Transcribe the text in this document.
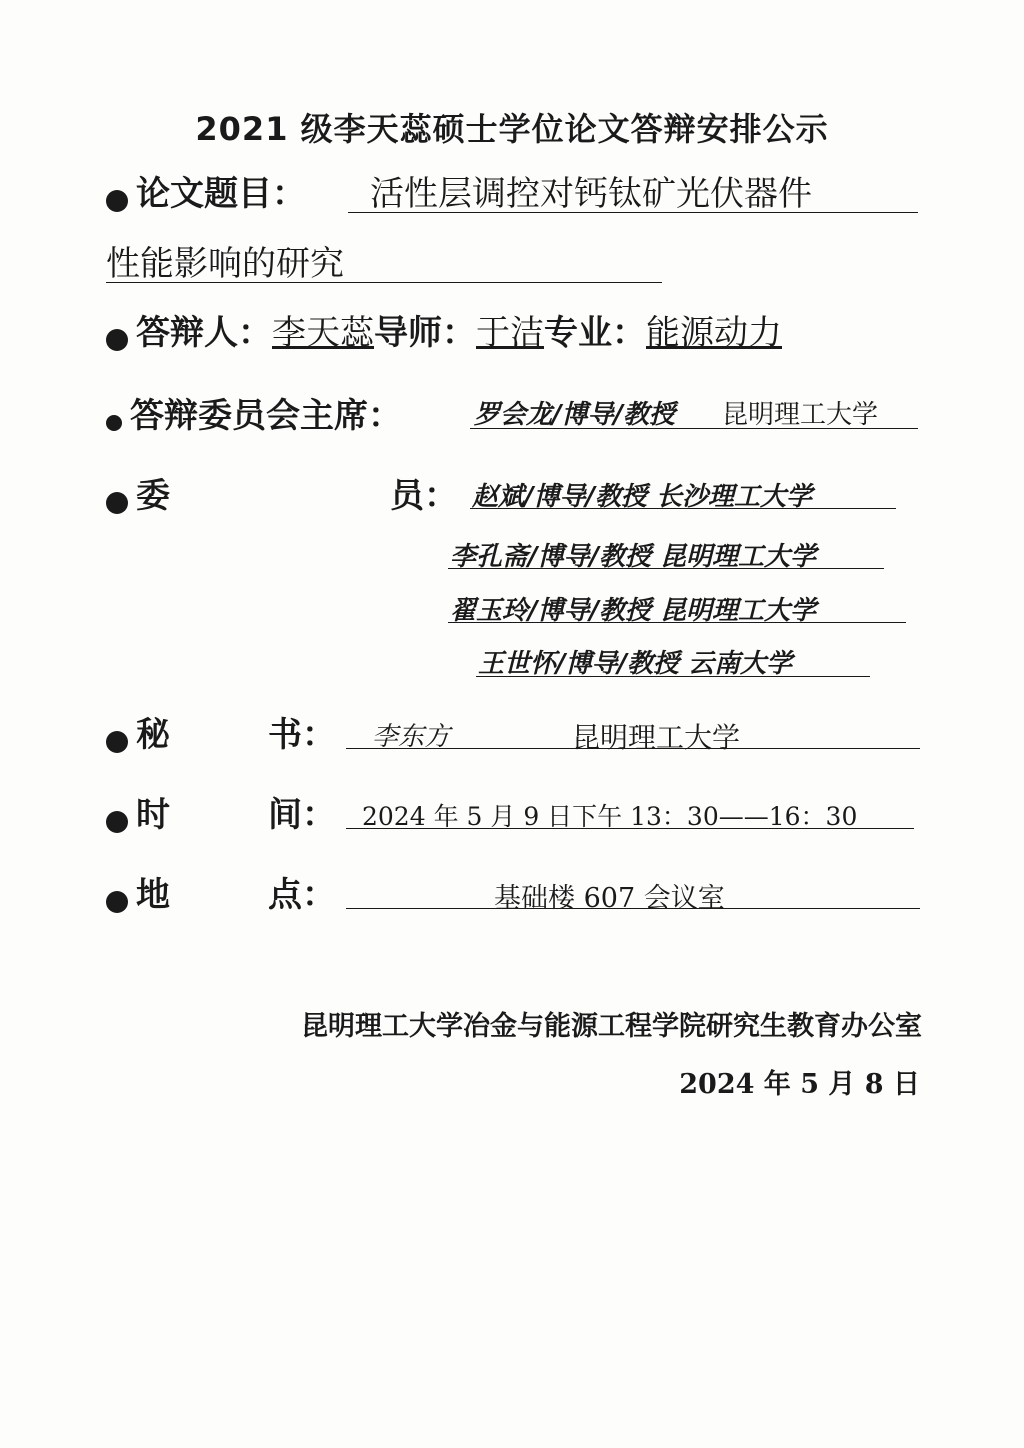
2021 级李天蕊硕士学位论文答辩安排公示
论文题目： 活性层调控对钙钛矿光伏器件
性能影响的研究
答辩人：李天蕊导师：于洁专业：能源动力
答辩委员会主席：	罗会龙/博导/教授 昆明理工大学
委	员： 赵斌/博导/教授 长沙理工大学
李孔斋/博导/教授 昆明理工大学
翟玉玲/博导/教授 昆明理工大学
王世怀/博导/教授 云南大学
秘	书： 李东方	昆明理工大学
时	间： 2024 年 5 月 9 日下午 13：30——16：30
地	点：	基础楼 607 会议室
昆明理工大学冶金与能源工程学院研究生教育办公室
2024 年 5 月 8 日
